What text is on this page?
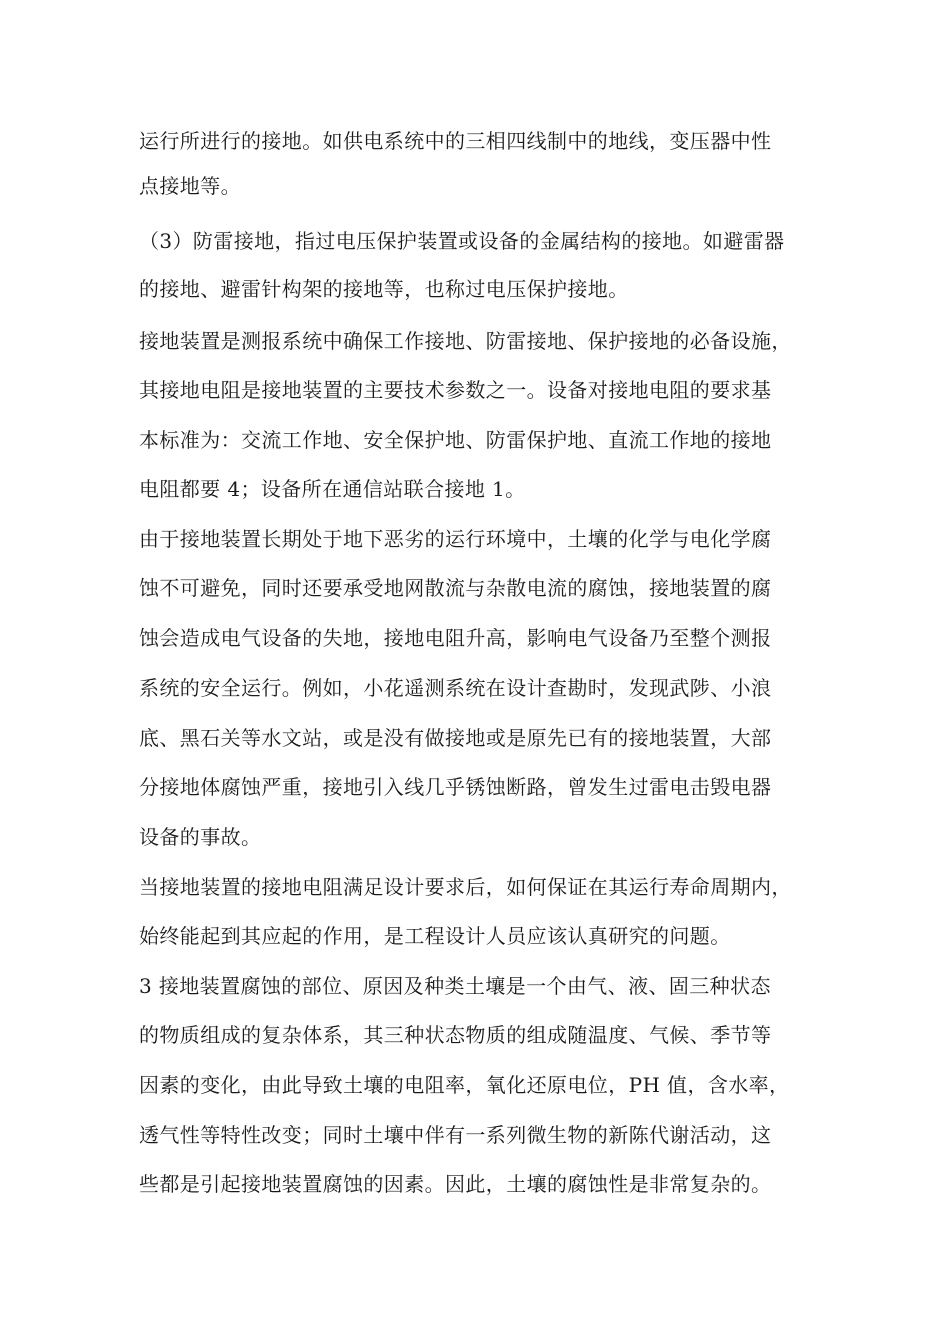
运行所进行的接地。如供电系统中的三相四线制中的地线，变压器中性
点接地等。
（3）防雷接地，指过电压保护装置或设备的金属结构的接地。如避雷器
的接地、避雷针构架的接地等，也称过电压保护接地。
接地装置是测报系统中确保工作接地、防雷接地、保护接地的必备设施，
其接地电阻是接地装置的主要技术参数之一。设备对接地电阻的要求基
本标准为：交流工作地、安全保护地、防雷保护地、直流工作地的接地
电阻都要 4；设备所在通信站联合接地 1。
由于接地装置长期处于地下恶劣的运行环境中，土壤的化学与电化学腐
蚀不可避免，同时还要承受地网散流与杂散电流的腐蚀，接地装置的腐
蚀会造成电气设备的失地，接地电阻升高，影响电气设备乃至整个测报
系统的安全运行。例如，小花遥测系统在设计查勘时，发现武陟、小浪
底、黑石关等水文站，或是没有做接地或是原先已有的接地装置，大部
分接地体腐蚀严重，接地引入线几乎锈蚀断路，曾发生过雷电击毁电器
设备的事故。
当接地装置的接地电阻满足设计要求后，如何保证在其运行寿命周期内，
始终能起到其应起的作用，是工程设计人员应该认真研究的问题。
3 接地装置腐蚀的部位、原因及种类土壤是一个由气、液、固三种状态
的物质组成的复杂体系，其三种状态物质的组成随温度、气候、季节等
因素的变化，由此导致土壤的电阻率，氧化还原电位，PH 值，含水率，
透气性等特性改变；同时土壤中伴有一系列微生物的新陈代谢活动，这
些都是引起接地装置腐蚀的因素。因此，土壤的腐蚀性是非常复杂的。
